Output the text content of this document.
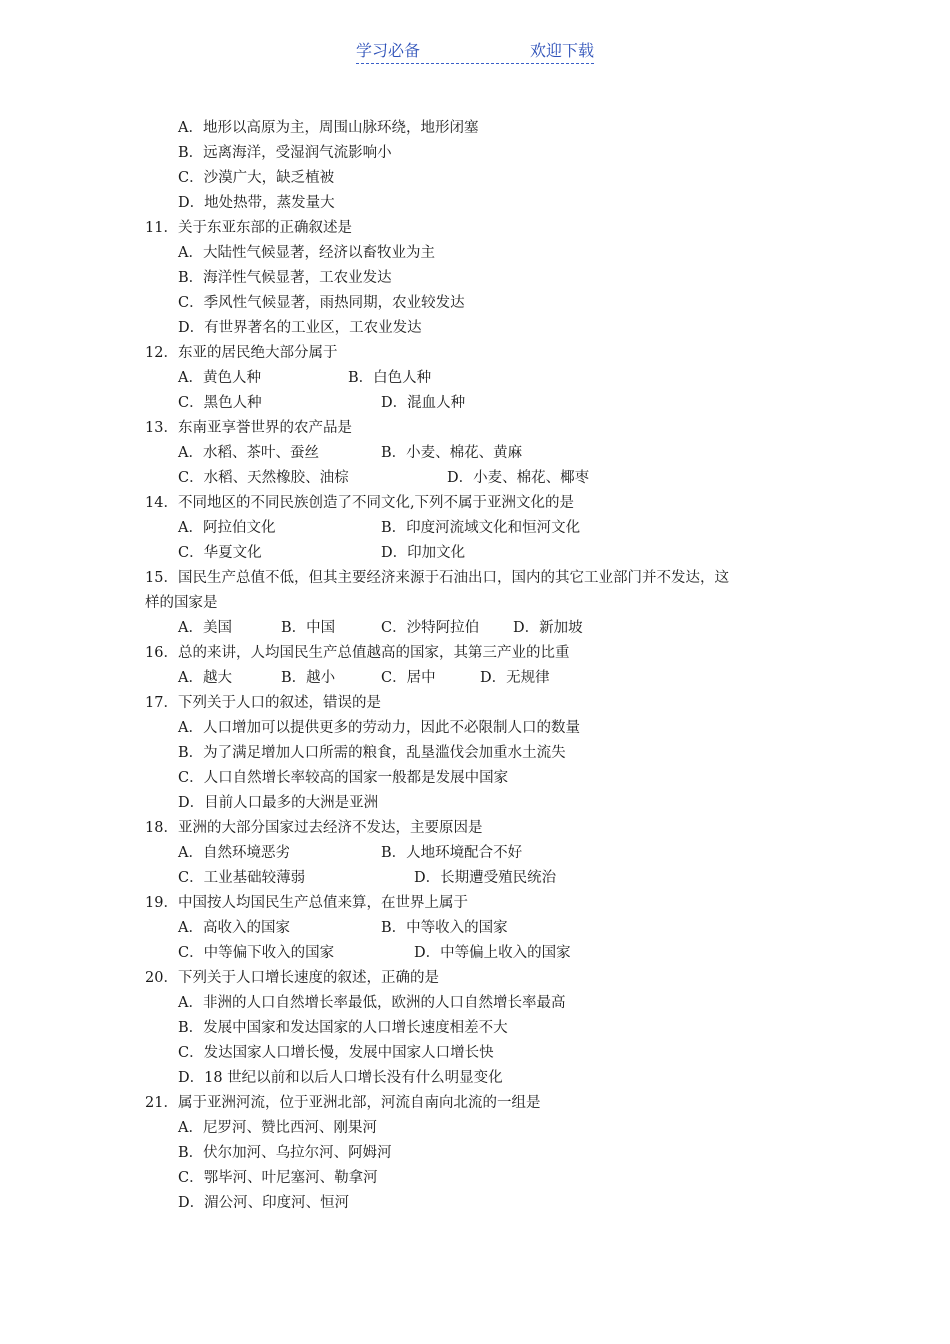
学习必备	欢迎下载
A．地形以高原为主，周围山脉环绕，地形闭塞
B．远离海洋，受湿润气流影响小
C．沙漠广大，缺乏植被
D．地处热带，蒸发量大
11．关于东亚东部的正确叙述是
A．大陆性气候显著，经济以畜牧业为主
B．海洋性气候显著，工农业发达
C．季风性气候显著，雨热同期，农业较发达
D．有世界著名的工业区，工农业发达
12．东亚的居民绝大部分属于
A．黄色人种	B．白色人种
C．黑色人种	D．混血人种
13．东南亚享誉世界的农产品是
A．水稻、茶叶、蚕丝	B．小麦、棉花、黄麻
C．水稻、天然橡胶、油棕	D．小麦、棉花、椰枣
14．不同地区的不同民族创造了不同文化,下列不属于亚洲文化的是
A．阿拉伯文化	B．印度河流域文化和恒河文化
C．华夏文化	D．印加文化
15．国民生产总值不低，但其主要经济来源于石油出口，国内的其它工业部门并不发达，这
样的国家是
A．美国	B．中国	C．沙特阿拉伯 D．新加坡
16．总的来讲，人均国民生产总值越高的国家，其第三产业的比重
A．越大	B．越小	C．居中	D．无规律
17．下列关于人口的叙述，错误的是
A．人口增加可以提供更多的劳动力，因此不必限制人口的数量
B．为了满足增加人口所需的粮食，乱垦滥伐会加重水土流失
C．人口自然增长率较高的国家一般都是发展中国家
D．目前人口最多的大洲是亚洲
18．亚洲的大部分国家过去经济不发达，主要原因是
A．自然环境恶劣	B．人地环境配合不好
C．工业基础较薄弱	D．长期遭受殖民统治
19．中国按人均国民生产总值来算，在世界上属于
A．高收入的国家	B．中等收入的国家
C．中等偏下收入的国家	D．中等偏上收入的国家
20．下列关于人口增长速度的叙述，正确的是
A．非洲的人口自然增长率最低，欧洲的人口自然增长率最高
B．发展中国家和发达国家的人口增长速度相差不大
C．发达国家人口增长慢，发展中国家人口增长快
D．18 世纪以前和以后人口增长没有什么明显变化
21．属于亚洲河流，位于亚洲北部，河流自南向北流的一组是
A．尼罗河、赞比西河、刚果河
B．伏尔加河、乌拉尔河、阿姆河
C．鄂毕河、叶尼塞河、勒拿河
D．湄公河、印度河、恒河
